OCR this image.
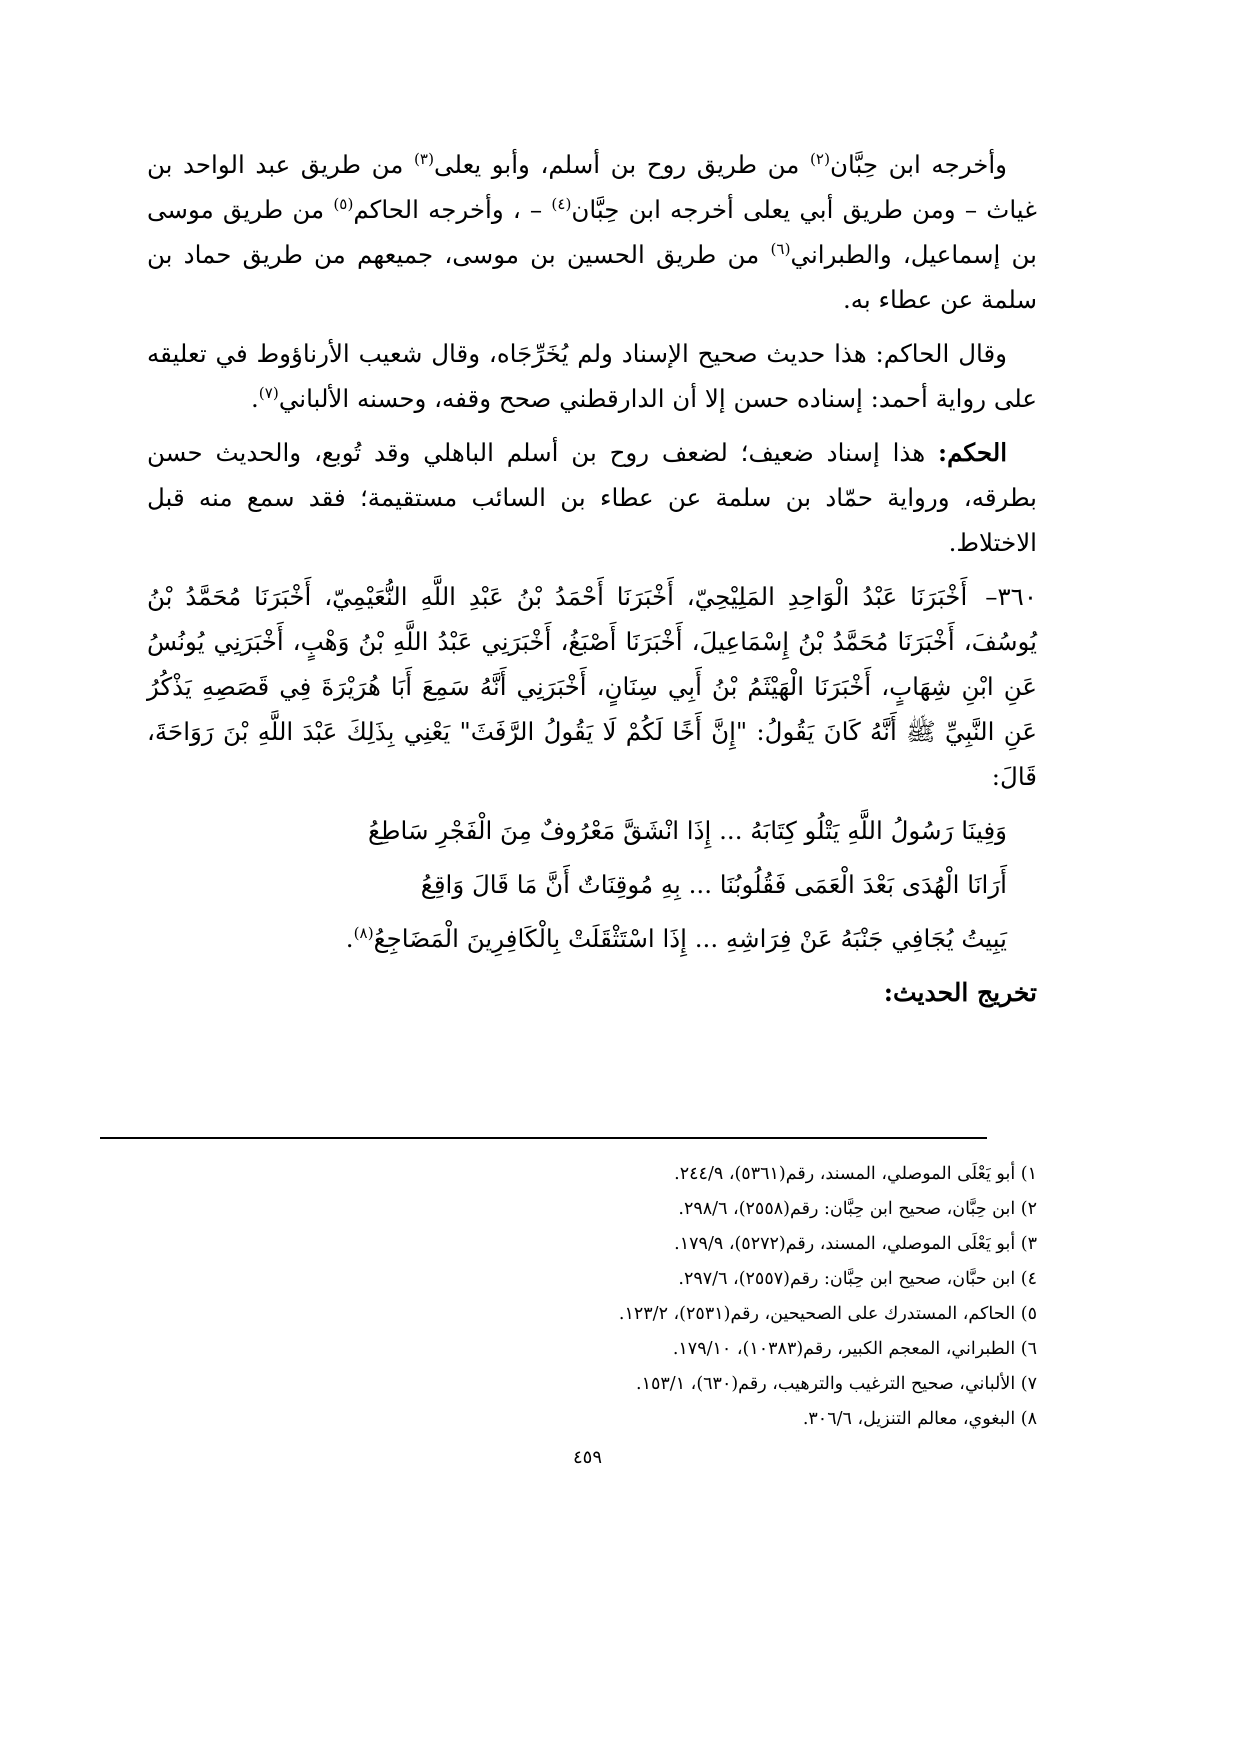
وأخرجه ابن حِبَّان$^{(٢)}$ من طريق روح بن أسلم، وأبو يعلى$^{(٣)}$ من طريق عبد الواحد بن غياث – ومن طريق أبي يعلى أخرجه ابن حِبَّان$^{(٤)}$ – ، وأخرجه الحاكم$^{(٥)}$ من طريق موسى بن إسماعيل، والطبراني$^{(٦)}$ من طريق الحسين بن موسى، جميعهم من طريق حماد بن سلمة عن عطاء به.

وقال الحاكم: هذا حديث صحيح الإسناد ولم يُخَرِّجَاه، وقال شعيب الأرناؤوط في تعليقه على رواية أحمد: إسناده حسن إلا أن الدارقطني صحح وقفه، وحسنه الألباني$^{(٧)}$.

الحكم: هذا إسناد ضعيف؛ لضعف روح بن أسلم الباهلي وقد تُوبع، والحديث حسن بطرقه، ورواية حمّاد بن سلمة عن عطاء بن السائب مستقيمة؛ فقد سمع منه قبل الاختلاط.

٣٦٠–أَخْبَرَنَا عَبْدُ الْوَاحِدِ المَلِيْحِيّ، أَخْبَرَنَا أَحْمَدُ بْنُ عَبْدِ اللَّهِ النُّعَيْمِيّ، أَخْبَرَنَا مُحَمَّدُ بْنُ يُوسُفَ، أَخْبَرَنَا مُحَمَّدُ بْنُ إِسْمَاعِيلَ، أَخْبَرَنَا أَصْبَغُ، أَخْبَرَنِي عَبْدُ اللَّهِ بْنُ وَهْبٍ، أَخْبَرَنِي يُونُسُ عَنِ ابْنِ شِهَابٍ، أَخْبَرَنَا الْهَيْثَمُ بْنُ أَبِي سِنَانٍ، أَخْبَرَنِي أَنَّهُ سَمِعَ أَبَا هُرَيْرَةَ فِي قَصَصِهِ يَذْكُرُ عَنِ النَّبِيِّ ﷺ أَنَّهُ كَانَ يَقُولُ: "إِنَّ أَخًا لَكُمْ لَا يَقُولُ الرَّفَثَ" يَعْنِي بِذَلِكَ عَبْدَ اللَّهِ بْنَ رَوَاحَةَ، قَالَ:

وَفِينَا رَسُولُ اللَّهِ يَتْلُو كِتَابَهُ ... إِذَا انْشَقَّ مَعْرُوفٌ مِنَ الْفَجْرِ سَاطِعُ

أَرَانَا الْهُدَى بَعْدَ الْعَمَى فَقُلُوبُنَا ... بِهِ مُوقِنَاتٌ أَنَّ مَا قَالَ وَاقِعُ

يَبِيتُ يُجَافِي جَنْبَهُ عَنْ فِرَاشِهِ ... إِذَا اسْتَثْقَلَتْ بِالْكَافِرِينَ الْمَضَاجِعُ$^{(٨)}$.

تخريج الحديث:

١) أبو يَعْلَى الموصلي، المسند، رقم(٥٣٦١)، ٢٤٤/٩.

٢) ابن حِبَّان، صحيح ابن حِبَّان: رقم(٢٥٥٨)، ٢٩٨/٦.

٣) أبو يَعْلَى الموصلي، المسند، رقم(٥٢٧٢)، ١٧٩/٩.

٤) ابن حبَّان، صحيح ابن حِبَّان: رقم(٢٥٥٧)، ٢٩٧/٦.

٥) الحاكم، المستدرك على الصحيحين، رقم(٢٥٣١)، ١٢٣/٢.

٦) الطبراني، المعجم الكبير، رقم(١٠٣٨٣)، ١٧٩/١٠.

٧) الألباني، صحيح الترغيب والترهيب، رقم(٦٣٠)، ١٥٣/١.

٨) البغوي، معالم التنزيل، ٣٠٦/٦.

٤٥٩
